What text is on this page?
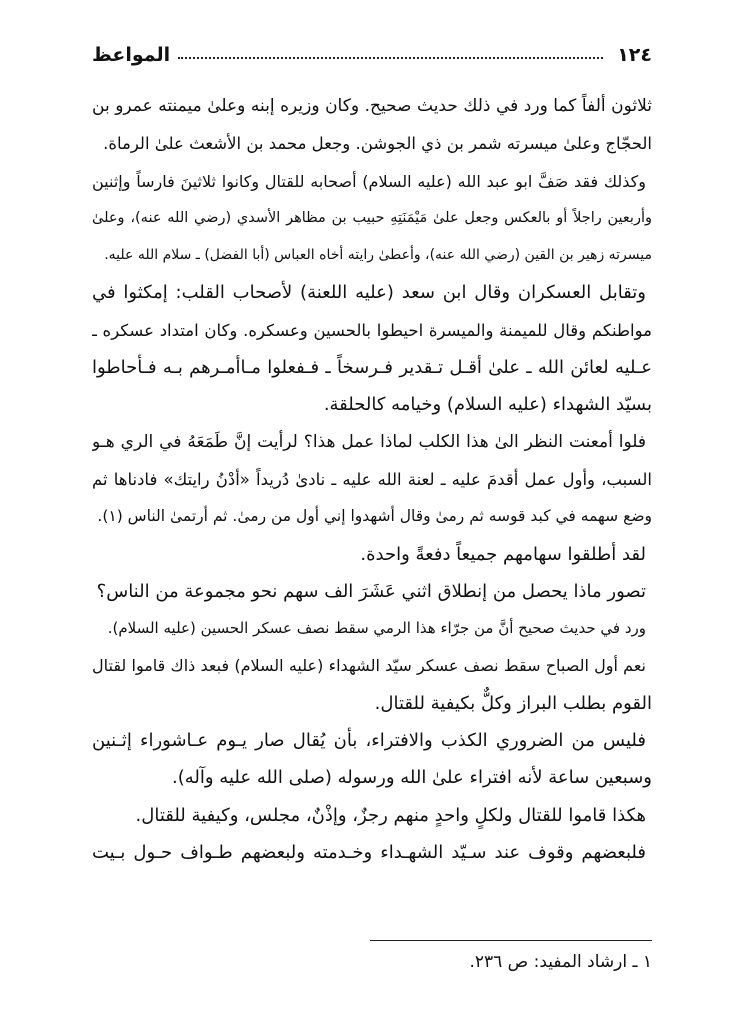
١٢٤
المواعظ
ثلاثون ألفاً كما ورد في ذلك حديث صحيح. وكان وزيره إبنه وعلىٰ ميمنته عمرو بن
الحجّاج وعلىٰ ميسرته شمر بن ذي الجوشن. وجعل محمد بن الأشعث علىٰ الرماة.
وكذلك فقد صَفَّ ابو عبد الله (عليه السلام) أصحابه للقتال وكانوا ثلاثينَ فارساً وإثنين
وأربعين راجلاً أو بالعكس وجعل علىٰ مَيْمَنَتِهِ حبيب بن مظاهر الأسدي (رضي الله عنه)، وعلىٰ
ميسرته زهير بن القين (رضي الله عنه)، وأعطىٰ رايته أخاه العباس (أبا الفضل) ـ سلام الله عليه.
وتقابل العسكران وقال ابن سعد (عليه اللعنة) لأصحاب القلب: إمكثوا في
مواطنكم وقال للميمنة والميسرة احيطوا بالحسين وعسكره. وكان امتداد عسكره ـ
عـليه لعائن الله ـ علىٰ أقـل تـقدير فـرسخاً ـ فـفعلوا مـاأمـرهم بـه فـأحاطوا
بسيّد الشهداء (عليه السلام) وخيامه كالحلقة.
فلوا أمعنت النظر الىٰ هذا الكلب لماذا عمل هذا؟ لرأيت إنَّ طَمَعَهُ في الري هـو
السبب، وأول عمل أقدمَ عليه ـ لعنة الله عليه ـ نادىٰ دُريداً «أدْنُ رايتك» فادناها ثم
وضع سهمه في كبد قوسه ثم رمىٰ وقال أشهدوا إني أول من رمىٰ. ثم أرتمىٰ الناس (١).
لقد أطلقوا سهامهم جميعاً دفعةً واحدة.
تصور ماذا يحصل من إنطلاق اثني عَشَرَ الف سهم نحو مجموعة من الناس؟
ورد في حديث صحيح أنَّ من جرّاء هذا الرمي سقط نصف عسكر الحسين (عليه السلام).
نعم أول الصباح سقط نصف عسكر سيّد الشهداء (عليه السلام) فبعد ذاك قاموا لقتال
القوم بطلب البراز وكلٌّ بكيفية للقتال.
فليس من الضروري الكذب والافتراء، بأن يُقال صار يـوم عـاشوراء إثـنين
وسبعين ساعة لأنه افتراء علىٰ الله ورسوله (صلى الله عليه وآله).
هكذا قاموا للقتال ولكلٍ واحدٍ منهم رجزٌ، وإذْنٌ، مجلس، وكيفية للقتال.
فلبعضهم وقوف عند سـيّد الشهـداء وخـدمته ولبعضهم طـواف حـول بـيت
١ ـ ارشاد المفيد: ص ٢٣٦.
